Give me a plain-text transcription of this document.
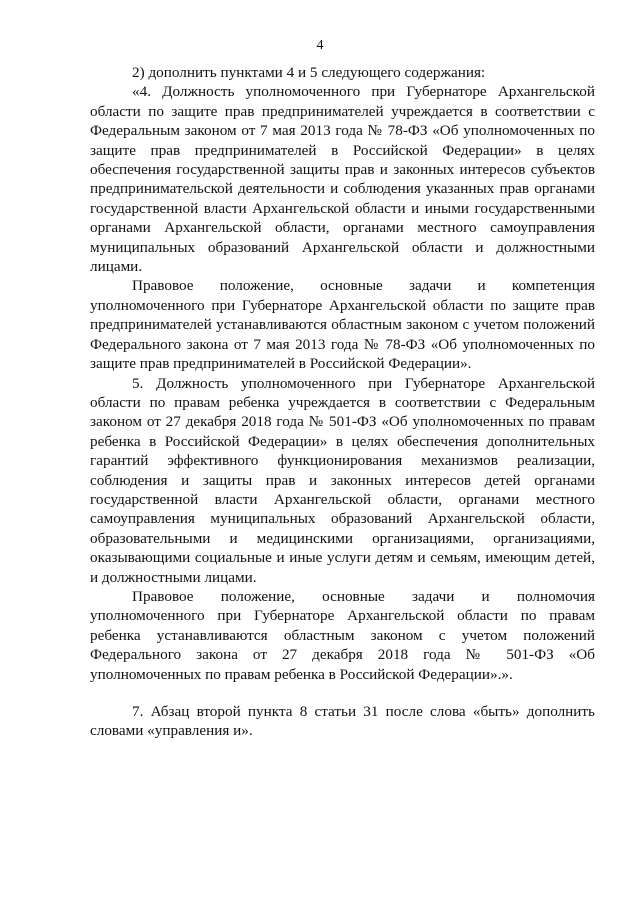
4

2) дополнить пунктами 4 и 5 следующего содержания:

«4. Должность уполномоченного при Губернаторе Архангельской области по защите прав предпринимателей учреждается в соответствии с Федеральным законом от 7 мая 2013 года № 78-ФЗ «Об уполномоченных по защите прав предпринимателей в Российской Федерации» в целях обеспечения государственной защиты прав и законных интересов субъектов предпринимательской деятельности и соблюдения указанных прав органами государственной власти Архангельской области и иными государственными органами Архангельской области, органами местного самоуправления муниципальных образований Архангельской области и должностными лицами.

Правовое положение, основные задачи и компетенция уполномоченного при Губернаторе Архангельской области по защите прав предпринимателей устанавливаются областным законом с учетом положений Федерального закона от 7 мая 2013 года № 78-ФЗ «Об уполномоченных по защите прав предпринимателей в Российской Федерации».

5. Должность уполномоченного при Губернаторе Архангельской области по правам ребенка учреждается в соответствии с Федеральным законом от 27 декабря 2018 года № 501-ФЗ «Об уполномоченных по правам ребенка в Российской Федерации» в целях обеспечения дополнительных гарантий эффективного функционирования механизмов реализации, соблюдения и защиты прав и законных интересов детей органами государственной власти Архангельской области, органами местного самоуправления муниципальных образований Архангельской области, образовательными и медицинскими организациями, организациями, оказывающими социальные и иные услуги детям и семьям, имеющим детей, и должностными лицами.

Правовое положение, основные задачи и полномочия уполномоченного при Губернаторе Архангельской области по правам ребенка устанавливаются областным законом с учетом положений Федерального закона от 27 декабря 2018 года № 501-ФЗ «Об уполномоченных по правам ребенка в Российской Федерации».».

7. Абзац второй пункта 8 статьи 31 после слова «быть» дополнить словами «управления и».
